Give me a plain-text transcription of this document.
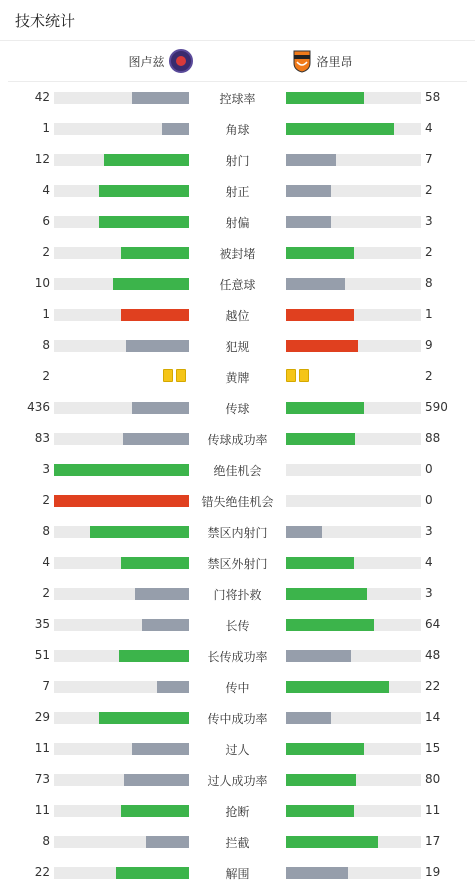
技术统计
图卢兹	洛里昂
42	控球率	58
1	角球	4
12	射门	7
4	射正	2
6	射偏	3
2	被封堵	2
10	任意球	8
1	越位	1
8	犯规	9
2	黄牌	2
436	传球	590
83	传球成功率	88
3	绝佳机会	0
2	错失绝佳机会	0
8	禁区内射门	3
4	禁区外射门	4
2	门将扑救	3
35	长传	64
51	长传成功率	48
7	传中	22
29	传中成功率	14
11	过人	15
73	过人成功率	80
11	抢断	11
8	拦截	17
22	解围	19
